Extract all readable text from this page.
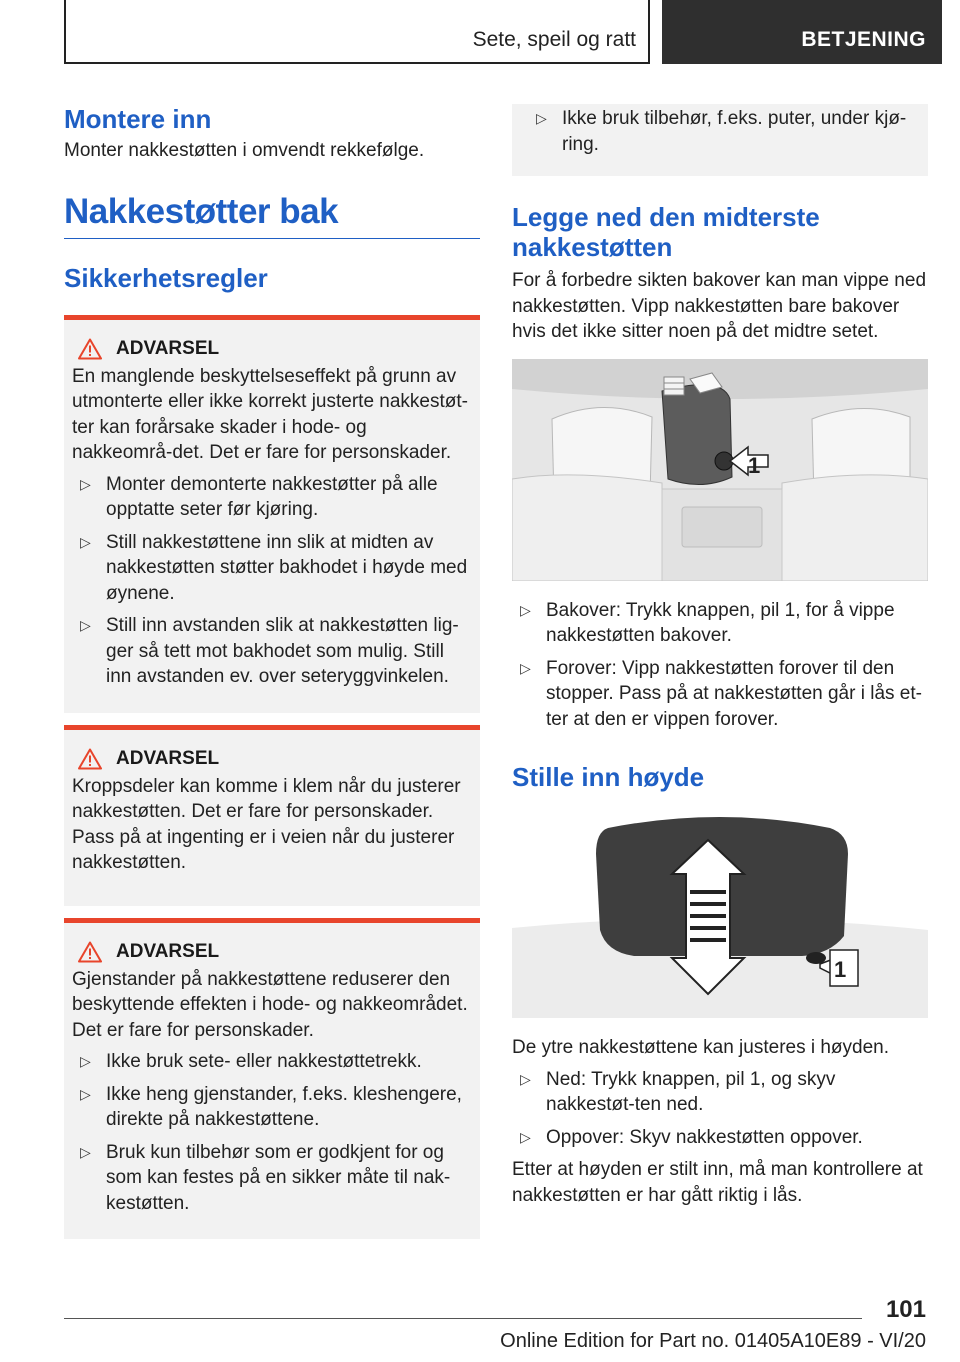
Sete, speil og ratt	BETJENING
Montere inn
Monter nakkestøtten i omvendt rekkefølge.
Nakkestøtter bak
Sikkerhetsregler
ADVARSEL
En manglende beskyttelseseffekt på grunn av utmonterte eller ikke korrekt justerte nakkestøt-ter kan forårsake skader i hode- og nakkeområ-det. Det er fare for personskader.
▷ Monter demonterte nakkestøtter på alle opptatte seter før kjøring.
▷ Still nakkestøttene inn slik at midten av nakkestøtten støtter bakhodet i høyde med øynene.
▷ Still inn avstanden slik at nakkestøtten lig-ger så tett mot bakhodet som mulig. Still inn avstanden ev. over seteryggvinkelen.
ADVARSEL
Kroppsdeler kan komme i klem når du justerer nakkestøtten. Det er fare for personskader. Pass på at ingenting er i veien når du justerer nakkestøtten.
ADVARSEL
Gjenstander på nakkestøttene reduserer den beskyttende effekten i hode- og nakkeområdet. Det er fare for personskader.
▷ Ikke bruk sete- eller nakkestøttetrekk.
▷ Ikke heng gjenstander, f.eks. kleshengere, direkte på nakkestøttene.
▷ Bruk kun tilbehør som er godkjent for og som kan festes på en sikker måte til nak-kestøtten.
▷ Ikke bruk tilbehør, f.eks. puter, under kjø-ring.
Legge ned den midterste nakkestøtten
For å forbedre sikten bakover kan man vippe ned nakkestøtten. Vipp nakkestøtten bare bakover hvis det ikke sitter noen på det midtre setet.
1
▷ Bakover: Trykk knappen, pil 1, for å vippe nakkestøtten bakover.
▷ Forover: Vipp nakkestøtten forover til den stopper. Pass på at nakkestøtten går i lås et-ter at den er vippen forover.
Stille inn høyde
1
De ytre nakkestøttene kan justeres i høyden.
▷ Ned: Trykk knappen, pil 1, og skyv nakkestøt-ten ned.
▷ Oppover: Skyv nakkestøtten oppover.
Etter at høyden er stilt inn, må man kontrollere at nakkestøtten er har gått riktig i lås.
101
Online Edition for Part no. 01405A10E89 - VI/20
